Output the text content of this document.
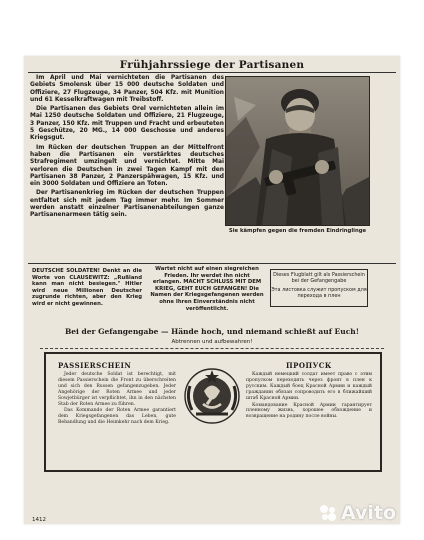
Frühjahrssiege der Partisanen

Im April und Mai vernichteten die Partisanen des Gebiets Smolensk über 15 000 deutsche Soldaten und Offiziere, 27 Flugzeuge, 34 Panzer, 504 Kfz. mit Munition und 61 Kesselkraftwagen mit Treibstoff.

Die Partisanen des Gebiets Orel vernichteten allein im Mai 1250 deutsche Soldaten und Offiziere, 21 Flugzeuge, 3 Panzer, 150 Kfz. mit Truppen und Fracht und erbeuteten 5 Geschütze, 20 MG., 14 000 Geschosse und anderes Kriegsgut.

Im Rücken der deutschen Truppen an der Mittelfront haben die Partisanen ein verstärktes deutsches Strafregiment umzingelt und vernichtet. Mitte Mai verloren die Deutschen in zwei Tagen Kampf mit den Partisanen 38 Panzer, 2 Panzerspähwagen, 15 Kfz. und ein 3000 Soldaten und Offiziere an Toten.

Der Partisanenkrieg im Rücken der deutschen Truppen entfaltet sich mit jedem Tag immer mehr. Im Sommer werden anstatt einzelner Partisanenabteilungen ganze Partisanenarmeen tätig sein.

Sie kämpfen gegen die fremden Eindringlinge
DEUTSCHE SOLDATEN! Denkt an die Worte von CLAUSEWITZ: „Rußland kann man nicht besiegen." Hitler wird neue Millionen Deutscher zugrunde richten, aber den Krieg wird er nicht gewinnen.
Wartet nicht auf einen siegreichen Frieden. Ihr werdet ihn nicht erlangen. MACHT SCHLUSS MIT DEM KRIEG, GEHT EUCH GEFANGEN! Die Namen der Kriegsgefangenen werden ohne Ihren Einverständnis nicht veröffentlicht.
Dieses Flugblatt gilt als Passierschein bei der Gefangengabe
Эта листовка служит пропуском для перехода в плен
Bei der Gefangengabe — Hände hoch, und niemand schießt auf Euch!
Abtrennen und aufbewahren!
PASSIERSCHEIN	ПРОПУСК

Jeder deutsche Soldat ist berechtigt, mit diesem Passierschein die Front zu überschreiten und sich den Russen gefangenzugeben. Jeder Angehörige der Roten Armee und jeder Sowjetbürger ist verpflichtet, ihn in den nächsten Stab der Roten Armee zu führen.

Das Kommando der Roten Armee garantiert dem Kriegsgefangenen das Leben, gute Behandlung und die Heimkehr nach dem Krieg.

Каждый немецкий солдат имеет право с этим пропуском переходить через фронт в плен к русским. Каждый боец Красной Армии и каждый гражданин обязан сопроводить его в ближайший штаб Красной Армии.

Командование Красной Армии гарантирует пленному жизнь, хорошее обхождение и возвращение на родину после войны.

1412	Avito
